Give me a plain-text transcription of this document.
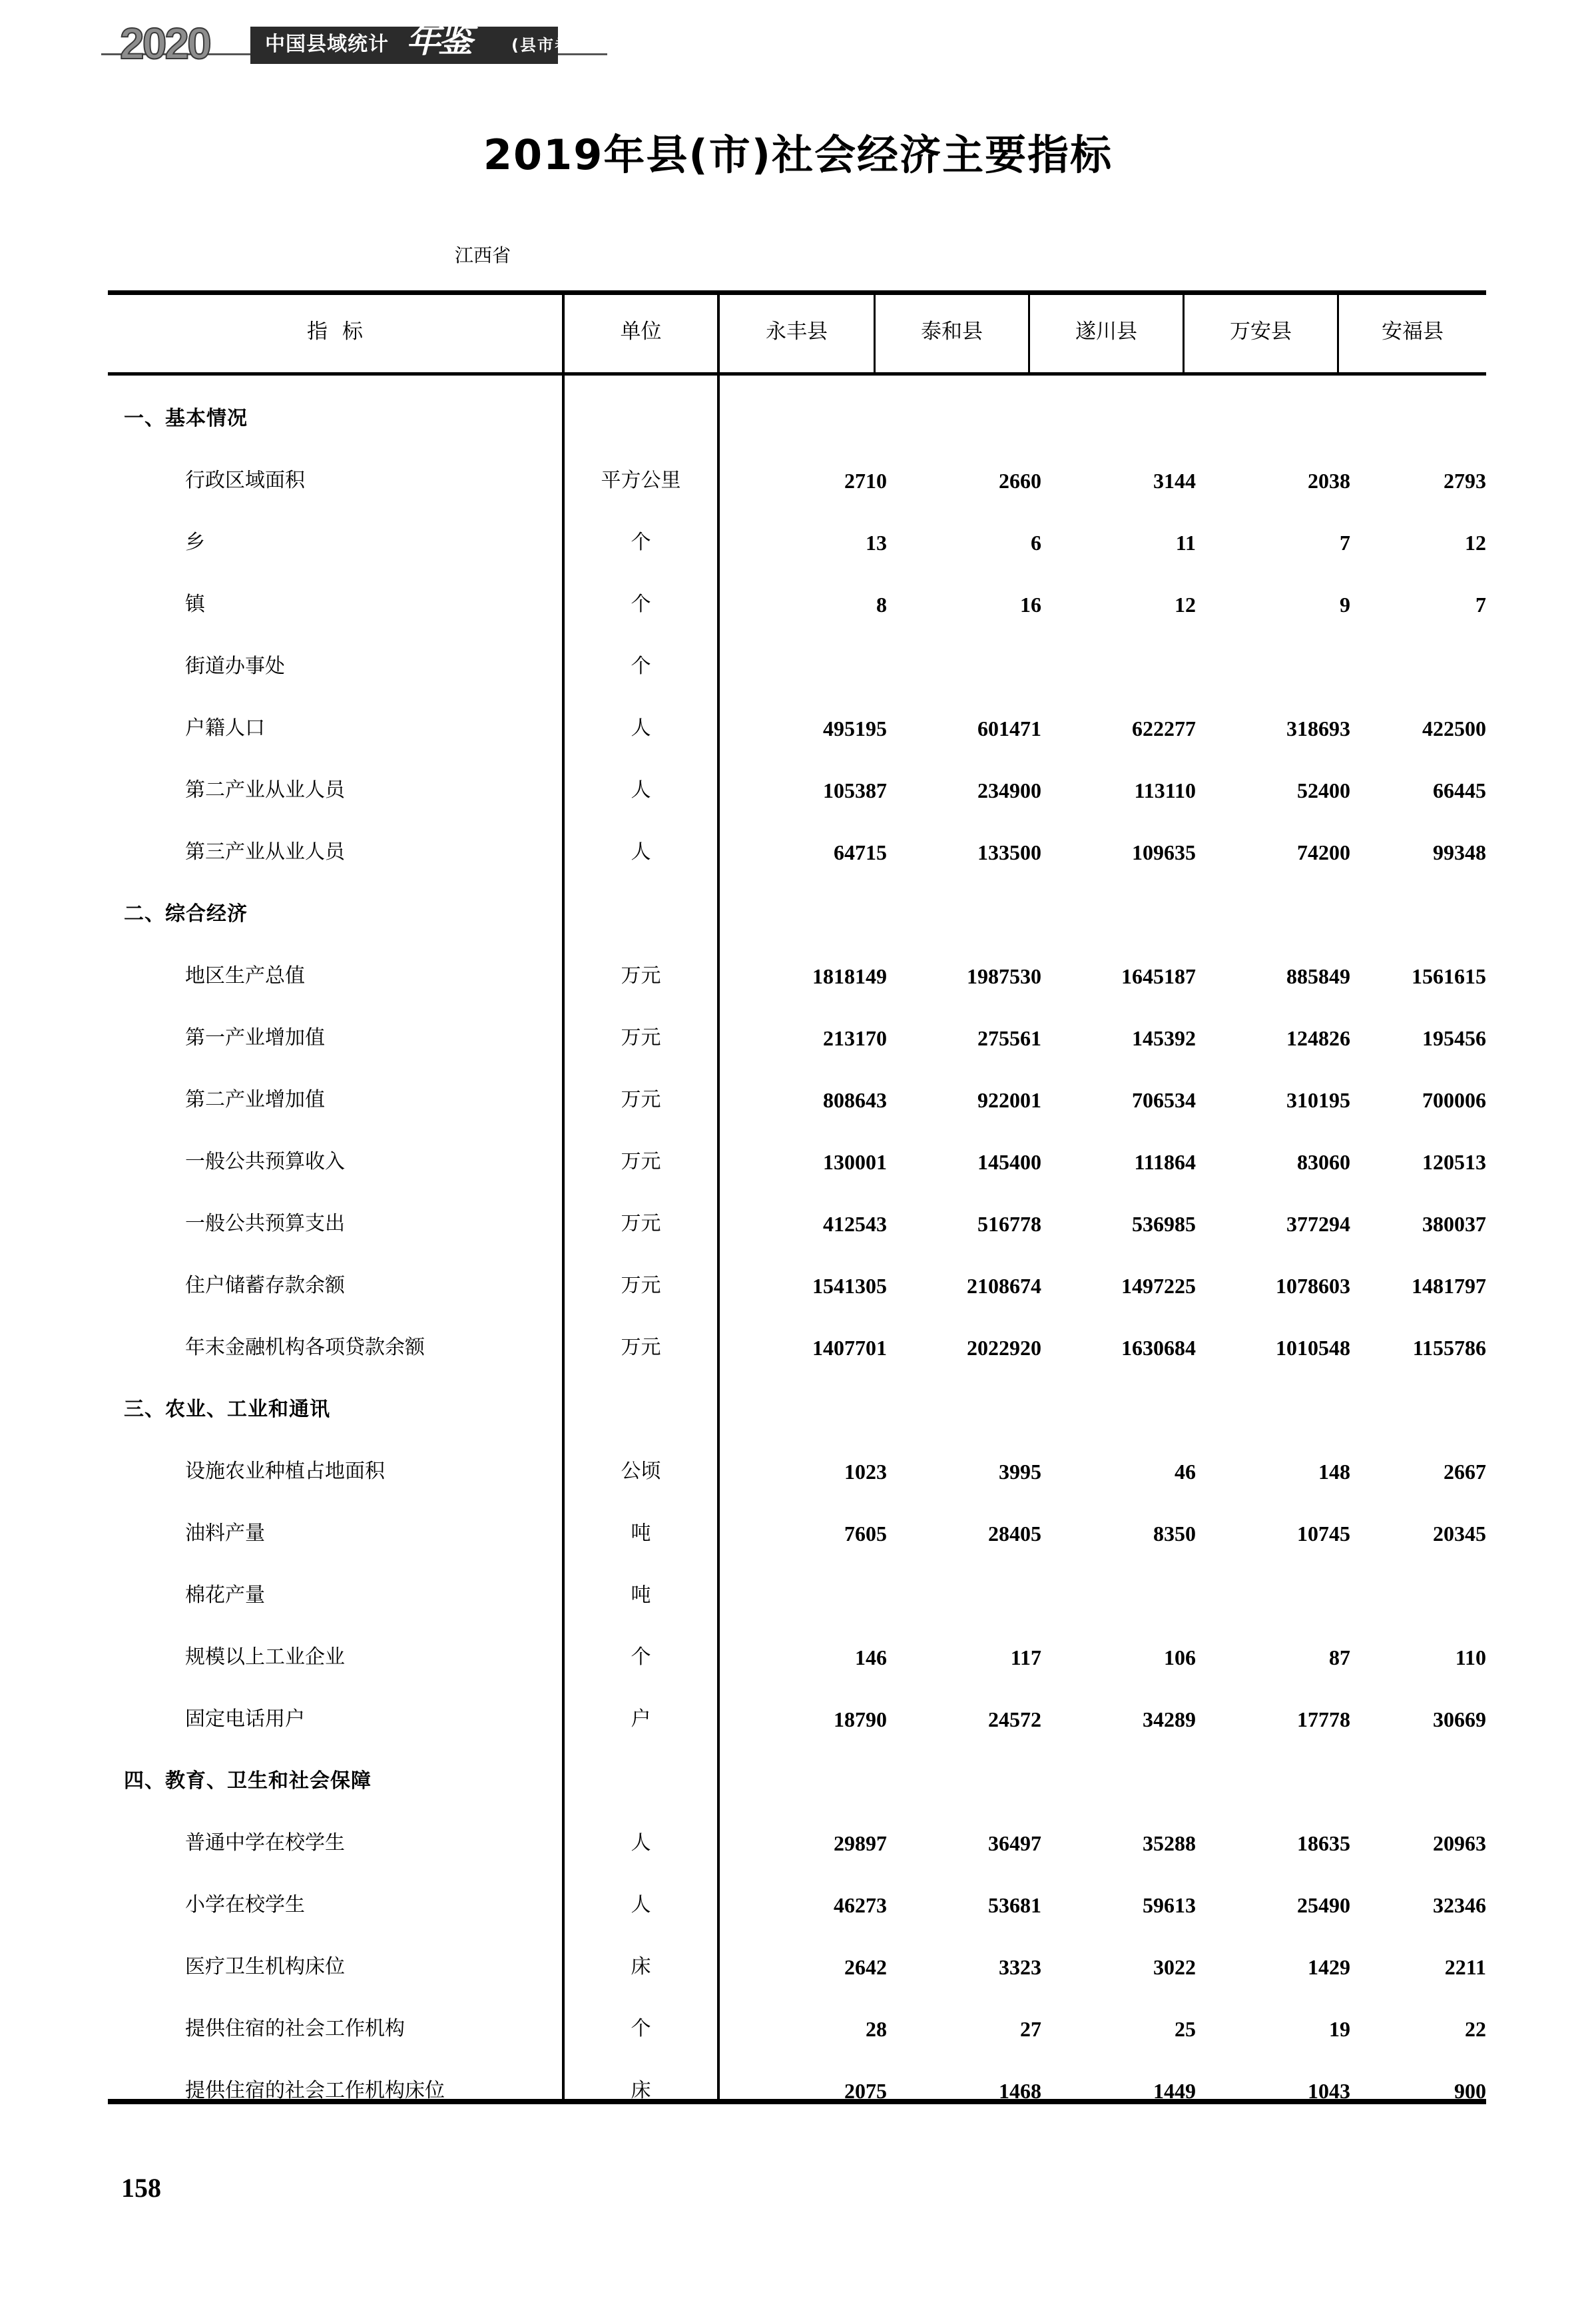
2020	中国县域统计 年鉴	(县市卷)
2019年县(市)社会经济主要指标
江西省
指标	单位	永丰县	泰和县	遂川县	万安县	安福县
一、基本情况
行政区域面积	平方公里	2710	2660	3144	2038	2793
乡	个	13	6	11	7	12
镇	个	8	16	12	9	7
街道办事处	个
户籍人口	人	495195	601471	622277	318693	422500
第二产业从业人员	人	105387	234900	113110	52400	66445
第三产业从业人员	人	64715	133500	109635	74200	99348
二、综合经济
地区生产总值	万元	1818149	1987530	1645187	885849	1561615
第一产业增加值	万元	213170	275561	145392	124826	195456
第二产业增加值	万元	808643	922001	706534	310195	700006
一般公共预算收入	万元	130001	145400	111864	83060	120513
一般公共预算支出	万元	412543	516778	536985	377294	380037
住户储蓄存款余额	万元	1541305	2108674	1497225	1078603	1481797
年末金融机构各项贷款余额	万元	1407701	2022920	1630684	1010548	1155786
三、农业、工业和通讯
设施农业种植占地面积	公顷	1023	3995	46	148	2667
油料产量	吨	7605	28405	8350	10745	20345
棉花产量	吨
规模以上工业企业	个	146	117	106	87	110
固定电话用户	户	18790	24572	34289	17778	30669
四、教育、卫生和社会保障
普通中学在校学生	人	29897	36497	35288	18635	20963
小学在校学生	人	46273	53681	59613	25490	32346
医疗卫生机构床位	床	2642	3323	3022	1429	2211
提供住宿的社会工作机构	个	28	27	25	19	22
提供住宿的社会工作机构床位	床	2075	1468	1449	1043	900
158
